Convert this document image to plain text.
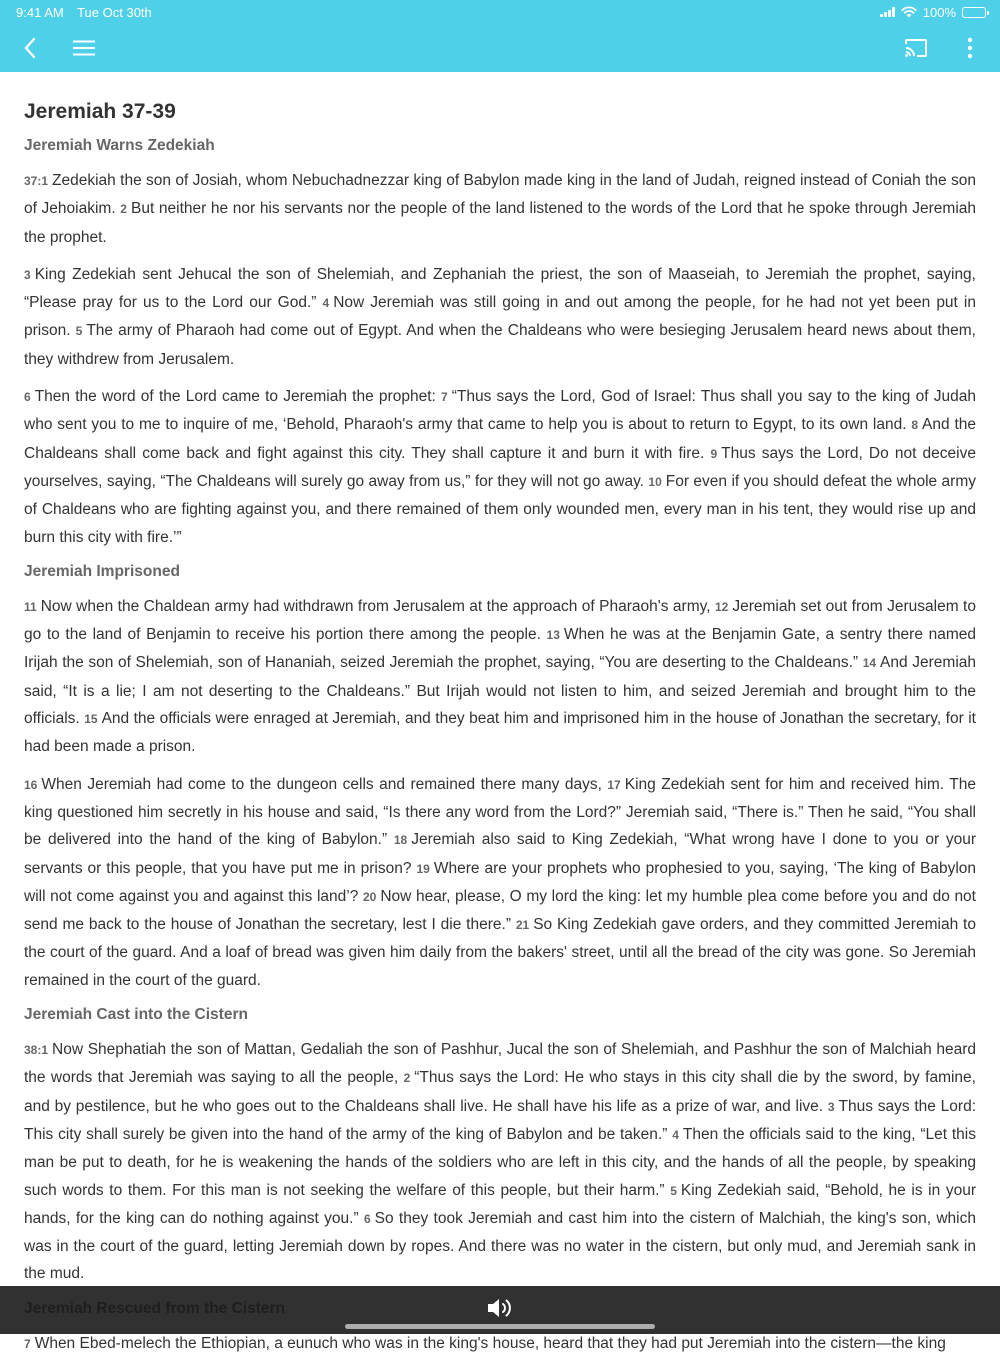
9:41 AM Tue Oct 30th	100%
Jeremiah 37-39
Jeremiah Warns Zedekiah

37:1 Zedekiah the son of Josiah, whom Nebuchadnezzar king of Babylon made king in the land of Judah, reigned instead of Coniah the son of Jehoiakim. 2 But neither he nor his servants nor the people of the land listened to the words of the Lord that he spoke through Jeremiah the prophet.

3 King Zedekiah sent Jehucal the son of Shelemiah, and Zephaniah the priest, the son of Maaseiah, to Jeremiah the prophet, saying, “Please pray for us to the Lord our God.” 4 Now Jeremiah was still going in and out among the people, for he had not yet been put in prison. 5 The army of Pharaoh had come out of Egypt. And when the Chaldeans who were besieging Jerusalem heard news about them, they withdrew from Jerusalem.

6 Then the word of the Lord came to Jeremiah the prophet: 7 “Thus says the Lord, God of Israel: Thus shall you say to the king of Judah who sent you to me to inquire of me, ‘Behold, Pharaoh's army that came to help you is about to return to Egypt, to its own land. 8 And the Chaldeans shall come back and fight against this city. They shall capture it and burn it with fire. 9 Thus says the Lord, Do not deceive yourselves, saying, “The Chaldeans will surely go away from us,” for they will not go away. 10 For even if you should defeat the whole army of Chaldeans who are fighting against you, and there remained of them only wounded men, every man in his tent, they would rise up and burn this city with fire.’”

Jeremiah Imprisoned

11 Now when the Chaldean army had withdrawn from Jerusalem at the approach of Pharaoh's army, 12 Jeremiah set out from Jerusalem to go to the land of Benjamin to receive his portion there among the people. 13 When he was at the Benjamin Gate, a sentry there named Irijah the son of Shelemiah, son of Hananiah, seized Jeremiah the prophet, saying, “You are deserting to the Chaldeans.” 14 And Jeremiah said, “It is a lie; I am not deserting to the Chaldeans.” But Irijah would not listen to him, and seized Jeremiah and brought him to the officials. 15 And the officials were enraged at Jeremiah, and they beat him and imprisoned him in the house of Jonathan the secretary, for it had been made a prison.

16 When Jeremiah had come to the dungeon cells and remained there many days, 17 King Zedekiah sent for him and received him. The king questioned him secretly in his house and said, “Is there any word from the Lord?” Jeremiah said, “There is.” Then he said, “You shall be delivered into the hand of the king of Babylon.” 18 Jeremiah also said to King Zedekiah, “What wrong have I done to you or your servants or this people, that you have put me in prison? 19 Where are your prophets who prophesied to you, saying, ‘The king of Babylon will not come against you and against this land’? 20 Now hear, please, O my lord the king: let my humble plea come before you and do not send me back to the house of Jonathan the secretary, lest I die there.” 21 So King Zedekiah gave orders, and they committed Jeremiah to the court of the guard. And a loaf of bread was given him daily from the bakers' street, until all the bread of the city was gone. So Jeremiah remained in the court of the guard.

Jeremiah Cast into the Cistern

38:1 Now Shephatiah the son of Mattan, Gedaliah the son of Pashhur, Jucal the son of Shelemiah, and Pashhur the son of Malchiah heard the words that Jeremiah was saying to all the people, 2 “Thus says the Lord: He who stays in this city shall die by the sword, by famine, and by pestilence, but he who goes out to the Chaldeans shall live. He shall have his life as a prize of war, and live. 3 Thus says the Lord: This city shall surely be given into the hand of the army of the king of Babylon and be taken.” 4 Then the officials said to the king, “Let this man be put to death, for he is weakening the hands of the soldiers who are left in this city, and the hands of all the people, by speaking such words to them. For this man is not seeking the welfare of this people, but their harm.” 5 King Zedekiah said, “Behold, he is in your hands, for the king can do nothing against you.” 6 So they took Jeremiah and cast him into the cistern of Malchiah, the king's son, which was in the court of the guard, letting Jeremiah down by ropes. And there was no water in the cistern, but only mud, and Jeremiah sank in the mud.

7 When Ebed-melech the Ethiopian, a eunuch who was in the king's house, heard that they had put Jeremiah into the cistern—the king
